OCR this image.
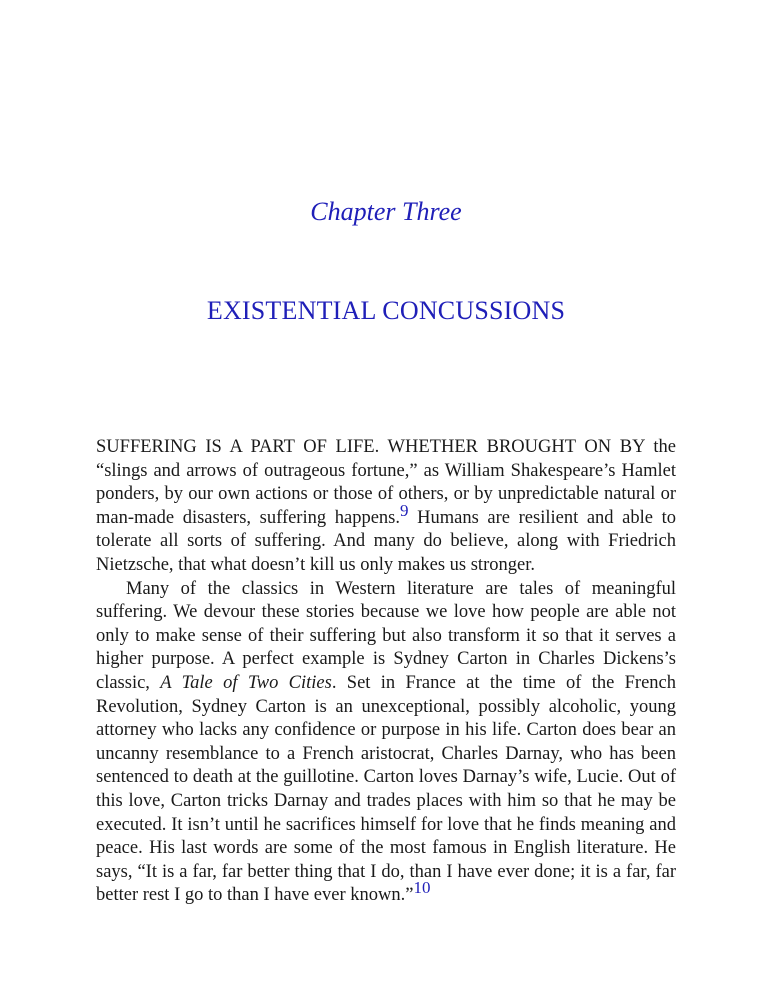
Chapter Three
EXISTENTIAL CONCUSSIONS

SUFFERING IS A PART OF LIFE. WHETHER BROUGHT ON BY the “slings and arrows of outrageous fortune,” as William Shakespeare’s Hamlet ponders, by our own actions or those of others, or by unpredictable natural or man-made disasters, suffering happens.9 Humans are resilient and able to tolerate all sorts of suffering. And many do believe, along with Friedrich Nietzsche, that what doesn’t kill us only makes us stronger.

Many of the classics in Western literature are tales of meaningful suffering. We devour these stories because we love how people are able not only to make sense of their suffering but also transform it so that it serves a higher purpose. A perfect example is Sydney Carton in Charles Dickens’s classic, A Tale of Two Cities. Set in France at the time of the French Revolution, Sydney Carton is an unexceptional, possibly alcoholic, young attorney who lacks any confidence or purpose in his life. Carton does bear an uncanny resemblance to a French aristocrat, Charles Darnay, who has been sentenced to death at the guillotine. Carton loves Darnay’s wife, Lucie. Out of this love, Carton tricks Darnay and trades places with him so that he may be executed. It isn’t until he sacrifices himself for love that he finds meaning and peace. His last words are some of the most famous in English literature. He says, “It is a far, far better thing that I do, than I have ever done; it is a far, far better rest I go to than I have ever known.”10
